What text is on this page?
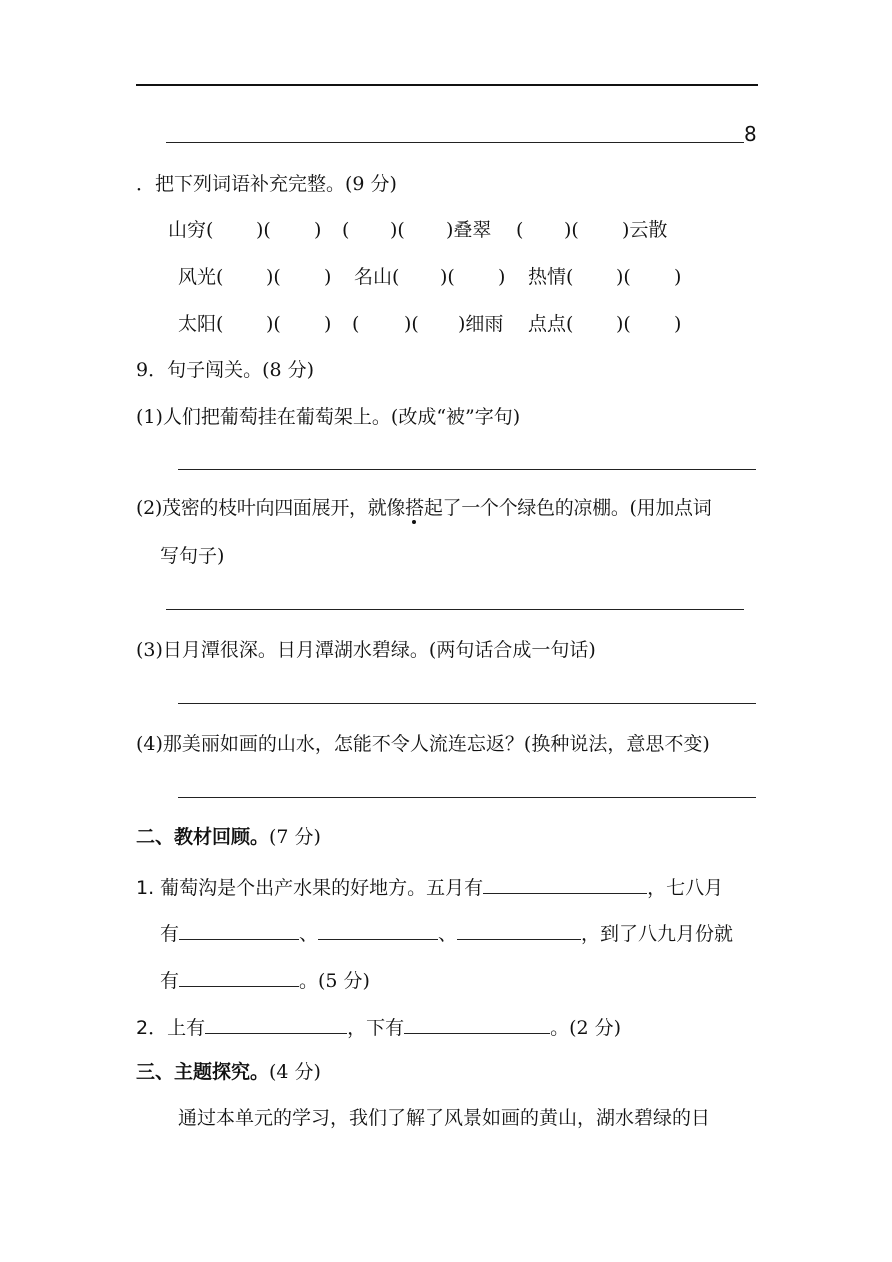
8
．把下列词语补充完整。(9 分)
山穷( )( ) ( )( )叠翠 ( )( )云散
风光( )( ) 名山( )( ) 热情( )( )
太阳( )( ) ( )( )细雨 点点( )( )
9．句子闯关。(8 分)
(1)人们把葡萄挂在葡萄架上。(改成“被”字句)
(2)茂密的枝叶向四面展开，就像搭起了一个个绿色的凉棚。(用加点词
写句子)
(3)日月潭很深。日月潭湖水碧绿。(两句话合成一句话)
(4)那美丽如画的山水，怎能不令人流连忘返？(换种说法，意思不变)
二、教材回顾。(7 分)
1. 葡萄沟是个出产水果的好地方。五月有	，七八月
有	、	、	，到了八九月份就
有	。(5 分)
2．上有	，下有	。(2 分)
三、主题探究。(4 分)
通过本单元的学习，我们了解了风景如画的黄山，湖水碧绿的日
